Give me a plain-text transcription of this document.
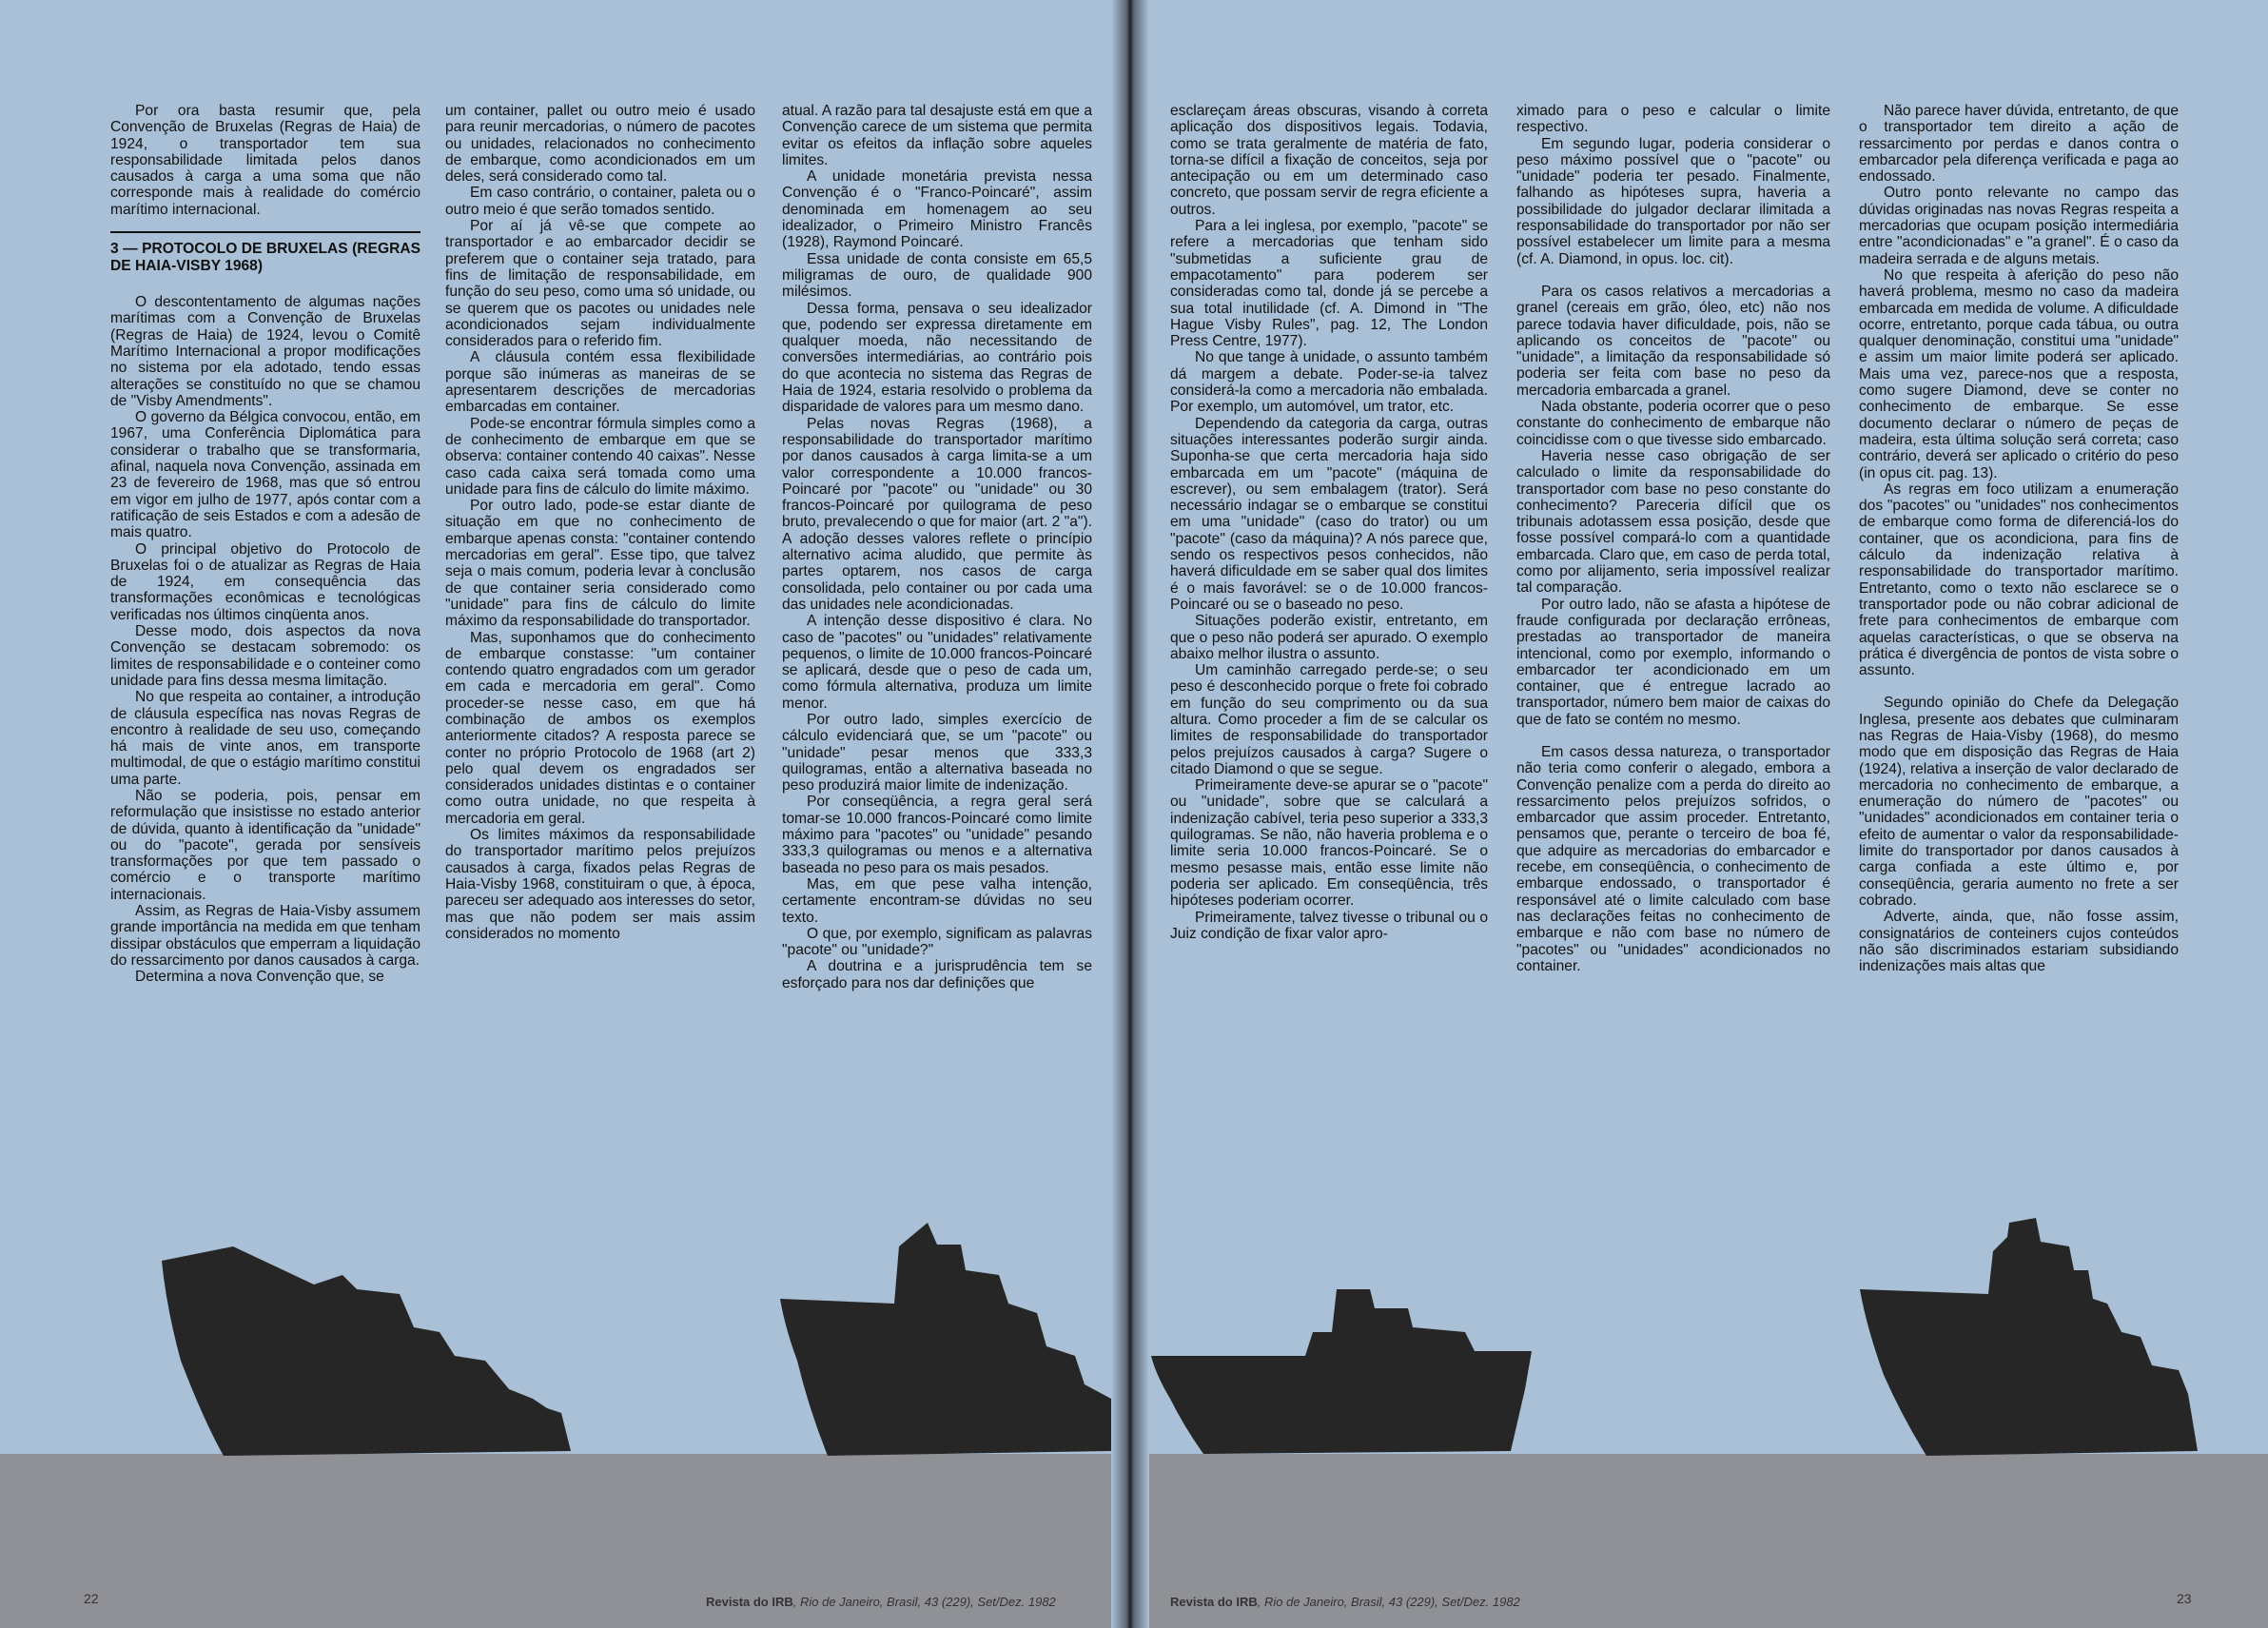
Por ora basta resumir que, pela Convenção de Bruxelas (Regras de Haia) de 1924, o transportador tem sua responsabilidade limitada pelos danos causados à carga a uma soma que não corresponde mais à realidade do comércio marítimo internacional.

3 — PROTOCOLO DE BRUXELAS (REGRAS DE HAIA-VISBY 1968)

O descontentamento de algumas nações marítimas com a Convenção de Bruxelas (Regras de Haia) de 1924, levou o Comitê Marítimo Internacional a propor modificações no sistema por ela adotado, tendo essas alterações se constituído no que se chamou de "Visby Amendments".

O governo da Bélgica convocou, então, em 1967, uma Conferência Diplomática para considerar o trabalho que se transformaria, afinal, naquela nova Convenção, assinada em 23 de fevereiro de 1968, mas que só entrou em vigor em julho de 1977, após contar com a ratificação de seis Estados e com a adesão de mais quatro.

O principal objetivo do Protocolo de Bruxelas foi o de atualizar as Regras de Haia de 1924, em consequência das transformações econômicas e tecnológicas verificadas nos últimos cinqüenta anos.

Desse modo, dois aspectos da nova Convenção se destacam sobremodo: os limites de responsabilidade e o conteiner como unidade para fins dessa mesma limitação.

No que respeita ao container, a introdução de cláusula específica nas novas Regras de encontro à realidade de seu uso, começando há mais de vinte anos, em transporte multimodal, de que o estágio marítimo constitui uma parte.

Não se poderia, pois, pensar em reformulação que insistisse no estado anterior de dúvida, quanto à identificação da "unidade" ou do "pacote", gerada por sensíveis transformações por que tem passado o comércio e o transporte marítimo internacionais.

Assim, as Regras de Haia-Visby assumem grande importância na medida em que tenham dissipar obstáculos que emperram a liquidação do ressarcimento por danos causados à carga.

Determina a nova Convenção que, se

um container, pallet ou outro meio é usado para reunir mercadorias, o número de pacotes ou unidades, relacionados no conhecimento de embarque, como acondicionados em um deles, será considerado como tal.

Em caso contrário, o container, paleta ou o outro meio é que serão tomados sentido.

Por aí já vê-se que compete ao transportador e ao embarcador decidir se preferem que o container seja tratado, para fins de limitação de responsabilidade, em função do seu peso, como uma só unidade, ou se querem que os pacotes ou unidades nele acondicionados sejam individualmente considerados para o referido fim.

A cláusula contém essa flexibilidade porque são inúmeras as maneiras de se apresentarem descrições de mercadorias embarcadas em container.

Pode-se encontrar fórmula simples como a de conhecimento de embarque em que se observa: container contendo 40 caixas". Nesse caso cada caixa será tomada como uma unidade para fins de cálculo do limite máximo.

Por outro lado, pode-se estar diante de situação em que no conhecimento de embarque apenas consta: "container contendo mercadorias em geral". Esse tipo, que talvez seja o mais comum, poderia levar à conclusão de que container seria considerado como "unidade" para fins de cálculo do limite máximo da responsabilidade do transportador.

Mas, suponhamos que do conhecimento de embarque constasse: "um container contendo quatro engradados com um gerador em cada e mercadoria em geral". Como proceder-se nesse caso, em que há combinação de ambos os exemplos anteriormente citados? A resposta parece se conter no próprio Protocolo de 1968 (art 2) pelo qual devem os engradados ser considerados unidades distintas e o container como outra unidade, no que respeita à mercadoria em geral.

Os limites máximos da responsabilidade do transportador marítimo pelos prejuízos causados à carga, fixados pelas Regras de Haia-Visby 1968, constituiram o que, à época, pareceu ser adequado aos interesses do setor, mas que não podem ser mais assim considerados no momento

atual. A razão para tal desajuste está em que a Convenção carece de um sistema que permita evitar os efeitos da inflação sobre aqueles limites.

A unidade monetária prevista nessa Convenção é o "Franco-Poincaré", assim denominada em homenagem ao seu idealizador, o Primeiro Ministro Francês (1928), Raymond Poincaré.

Essa unidade de conta consiste em 65,5 miligramas de ouro, de qualidade 900 milésimos.

Dessa forma, pensava o seu idealizador que, podendo ser expressa diretamente em qualquer moeda, não necessitando de conversões intermediárias, ao contrário pois do que acontecia no sistema das Regras de Haia de 1924, estaria resolvido o problema da disparidade de valores para um mesmo dano.

Pelas novas Regras (1968), a responsabilidade do transportador marítimo por danos causados à carga limita-se a um valor correspondente a 10.000 francos-Poincaré por "pacote" ou "unidade" ou 30 francos-Poincaré por quilograma de peso bruto, prevalecendo o que for maior (art. 2 "a"). A adoção desses valores reflete o princípio alternativo acima aludido, que permite às partes optarem, nos casos de carga consolidada, pelo container ou por cada uma das unidades nele acondicionadas.

A intenção desse dispositivo é clara. No caso de "pacotes" ou "unidades" relativamente pequenos, o limite de 10.000 francos-Poincaré se aplicará, desde que o peso de cada um, como fórmula alternativa, produza um limite menor.

Por outro lado, simples exercício de cálculo evidenciará que, se um "pacote" ou "unidade" pesar menos que 333,3 quilogramas, então a alternativa baseada no peso produzirá maior limite de indenização.

Por conseqüência, a regra geral será tomar-se 10.000 francos-Poincaré como limite máximo para "pacotes" ou "unidade" pesando 333,3 quilogramas ou menos e a alternativa baseada no peso para os mais pesados.

Mas, em que pese valha intenção, certamente encontram-se dúvidas no seu texto.

O que, por exemplo, significam as palavras "pacote" ou "unidade?"

A doutrina e a jurisprudência tem se esforçado para nos dar definições que

22	Revista do IRB, Rio de Janeiro, Brasil, 43 (229), Set/Dez. 1982

esclareçam áreas obscuras, visando à correta aplicação dos dispositivos legais. Todavia, como se trata geralmente de matéria de fato, torna-se difícil a fixação de conceitos, seja por antecipação ou em um determinado caso concreto, que possam servir de regra eficiente a outros.

Para a lei inglesa, por exemplo, "pacote" se refere a mercadorias que tenham sido "submetidas a suficiente grau de empacotamento" para poderem ser consideradas como tal, donde já se percebe a sua total inutilidade (cf. A. Dimond in "The Hague Visby Rules", pag. 12, The London Press Centre, 1977).

No que tange à unidade, o assunto também dá margem a debate. Poder-se-ia talvez considerá-la como a mercadoria não embalada. Por exemplo, um automóvel, um trator, etc.

Dependendo da categoria da carga, outras situações interessantes poderão surgir ainda. Suponha-se que certa mercadoria haja sido embarcada em um "pacote" (máquina de escrever), ou sem embalagem (trator). Será necessário indagar se o embarque se constitui em uma "unidade" (caso do trator) ou um "pacote" (caso da máquina)? A nós parece que, sendo os respectivos pesos conhecidos, não haverá dificuldade em se saber qual dos limites é o mais favorável: se o de 10.000 francos-Poincaré ou se o baseado no peso.

Situações poderão existir, entretanto, em que o peso não poderá ser apurado. O exemplo abaixo melhor ilustra o assunto.

Um caminhão carregado perde-se; o seu peso é desconhecido porque o frete foi cobrado em função do seu comprimento ou da sua altura. Como proceder a fim de se calcular os limites de responsabilidade do transportador pelos prejuízos causados à carga? Sugere o citado Diamond o que se segue.

Primeiramente deve-se apurar se o "pacote" ou "unidade", sobre que se calculará a indenização cabível, teria peso superior a 333,3 quilogramas. Se não, não haveria problema e o limite seria 10.000 francos-Poincaré. Se o mesmo pesasse mais, então esse limite não poderia ser aplicado. Em conseqüência, três hipóteses poderiam ocorrer.

Primeiramente, talvez tivesse o tribunal ou o Juiz condição de fixar valor apro-

ximado para o peso e calcular o limite respectivo.

Em segundo lugar, poderia considerar o peso máximo possível que o "pacote" ou "unidade" poderia ter pesado. Finalmente, falhando as hipóteses supra, haveria a possibilidade do julgador declarar ilimitada a responsabilidade do transportador por não ser possível estabelecer um limite para a mesma (cf. A. Diamond, in opus. loc. cit).

Para os casos relativos a mercadorias a granel (cereais em grão, óleo, etc) não nos parece todavia haver dificuldade, pois, não se aplicando os conceitos de "pacote" ou "unidade", a limitação da responsabilidade só poderia ser feita com base no peso da mercadoria embarcada a granel.

Nada obstante, poderia ocorrer que o peso constante do conhecimento de embarque não coincidisse com o que tivesse sido embarcado.

Haveria nesse caso obrigação de ser calculado o limite da responsabilidade do transportador com base no peso constante do conhecimento? Pareceria difícil que os tribunais adotassem essa posição, desde que fosse possível compará-lo com a quantidade embarcada. Claro que, em caso de perda total, como por alijamento, seria impossível realizar tal comparação.

Por outro lado, não se afasta a hipótese de fraude configurada por declaração errôneas, prestadas ao transportador de maneira intencional, como por exemplo, informando o embarcador ter acondicionado em um container, que é entregue lacrado ao transportador, número bem maior de caixas do que de fato se contém no mesmo.

Em casos dessa natureza, o transportador não teria como conferir o alegado, embora a Convenção penalize com a perda do direito ao ressarcimento pelos prejuízos sofridos, o embarcador que assim proceder. Entretanto, pensamos que, perante o terceiro de boa fé, que adquire as mercadorias do embarcador e recebe, em conseqüência, o conhecimento de embarque endossado, o transportador é responsável até o limite calculado com base nas declarações feitas no conhecimento de embarque e não com base no número de "pacotes" ou "unidades" acondicionados no container.

Não parece haver dúvida, entretanto, de que o transportador tem direito a ação de ressarcimento por perdas e danos contra o embarcador pela diferença verificada e paga ao endossado.

Outro ponto relevante no campo das dúvidas originadas nas novas Regras respeita a mercadorias que ocupam posição intermediária entre "acondicionadas" e "a granel". É o caso da madeira serrada e de alguns metais.

No que respeita à aferição do peso não haverá problema, mesmo no caso da madeira embarcada em medida de volume. A dificuldade ocorre, entretanto, porque cada tábua, ou outra qualquer denominação, constitui uma "unidade" e assim um maior limite poderá ser aplicado. Mais uma vez, parece-nos que a resposta, como sugere Diamond, deve se conter no conhecimento de embarque. Se esse documento declarar o número de peças de madeira, esta última solução será correta; caso contrário, deverá ser aplicado o critério do peso (in opus cit. pag. 13).

As regras em foco utilizam a enumeração dos "pacotes" ou "unidades" nos conhecimentos de embarque como forma de diferenciá-los do container, que os acondiciona, para fins de cálculo da indenização relativa à responsabilidade do transportador marítimo. Entretanto, como o texto não esclarece se o transportador pode ou não cobrar adicional de frete para conhecimentos de embarque com aquelas características, o que se observa na prática é divergência de pontos de vista sobre o assunto.

Segundo opinião do Chefe da Delegação Inglesa, presente aos debates que culminaram nas Regras de Haia-Visby (1968), do mesmo modo que em disposição das Regras de Haia (1924), relativa a inserção de valor declarado de mercadoria no conhecimento de embarque, a enumeração do número de "pacotes" ou "unidades" acondicionados em container teria o efeito de aumentar o valor da responsabilidade-limite do transportador por danos causados à carga confiada a este último e, por conseqüência, geraria aumento no frete a ser cobrado.

Adverte, ainda, que, não fosse assim, consignatários de conteiners cujos conteúdos não são discriminados estariam subsidiando indenizações mais altas que

Revista do IRB, Rio de Janeiro, Brasil, 43 (229), Set/Dez. 1982	23
